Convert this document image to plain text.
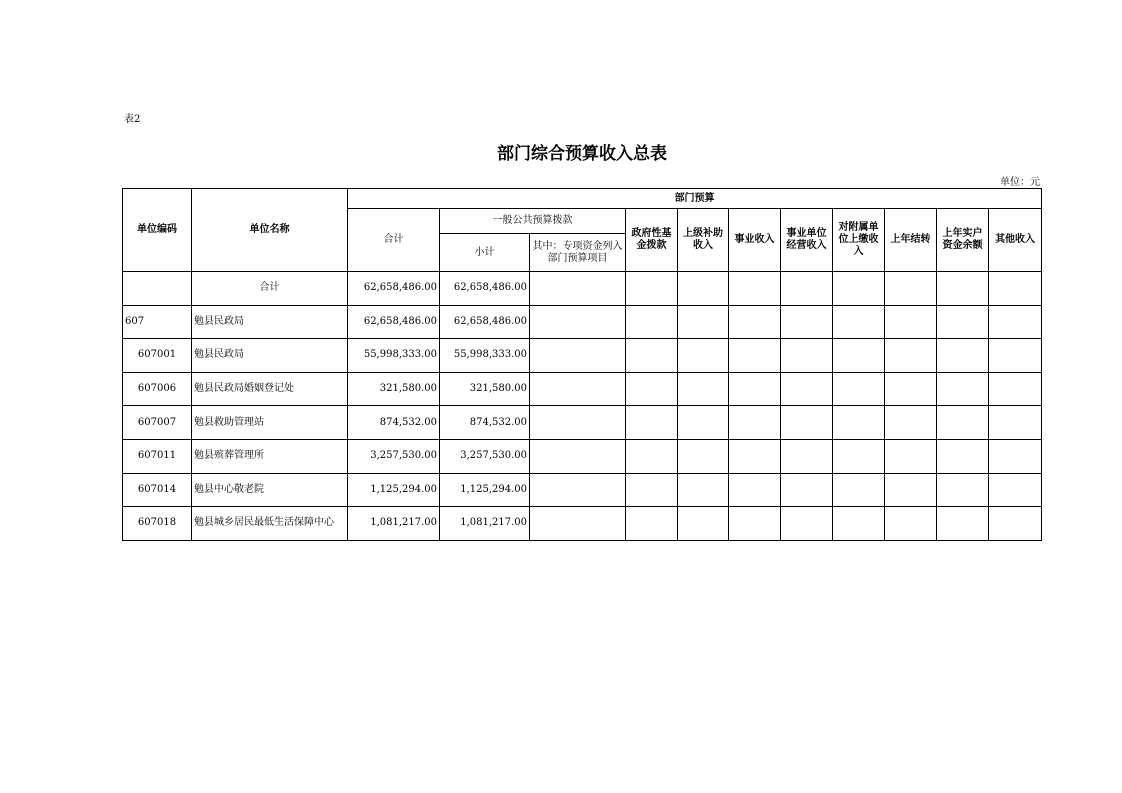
表2
部门综合预算收入总表
单位：元
单位编码	单位名称	部门预算										
		合计	一般公共预算拨款		政府性基金拨款	上级补助收入	事业收入	事业单位经营收入	对附属单位上缴收入	上年结转	上年实户资金余额	其他收入
			小计	其中：专项资金列入部门预算项目								
	合计	62,658,486.00	62,658,486.00									
607	勉县民政局	62,658,486.00	62,658,486.00									
607001	勉县民政局	55,998,333.00	55,998,333.00									
607006	勉县民政局婚姻登记处	321,580.00	321,580.00									
607007	勉县救助管理站	874,532.00	874,532.00									
607011	勉县殡葬管理所	3,257,530.00	3,257,530.00									
607014	勉县中心敬老院	1,125,294.00	1,125,294.00									
607018	勉县城乡居民最低生活保障中心	1,081,217.00	1,081,217.00									
